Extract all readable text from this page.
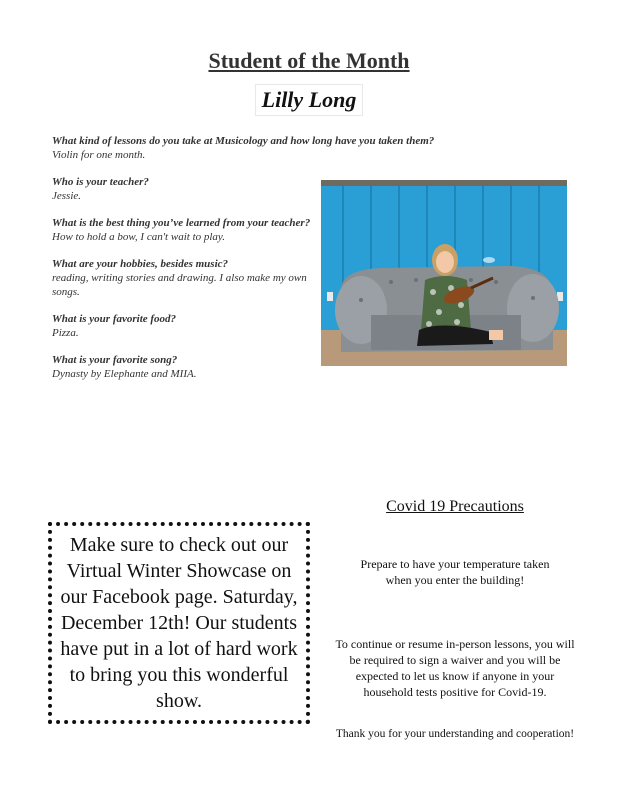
Student of the Month
Lilly Long
What kind of lessons do you take at Musicology and how long have you taken them?
Violin for one month.
Who is your teacher?
Jessie.
What is the best thing you’ve learned from your teacher?
How to hold a bow, I can't wait to play.
What are your hobbies, besides music?
reading, writing stories and drawing. I also make my own songs.
What is your favorite food?
Pizza.
What is your favorite song?
Dynasty by Elephante and MIIA.
Make sure to check out our Virtual Winter Showcase on our Facebook page. Saturday, December 12th! Our students have put in a lot of hard work to bring you this wonderful show.
Covid 19 Precautions
Prepare to have your temperature taken when you enter the building!
To continue or resume in-person lessons, you will be required to sign a waiver and you will be expected to let us know if anyone in your household tests positive for Covid-19.
Thank you for your understanding and cooperation!
